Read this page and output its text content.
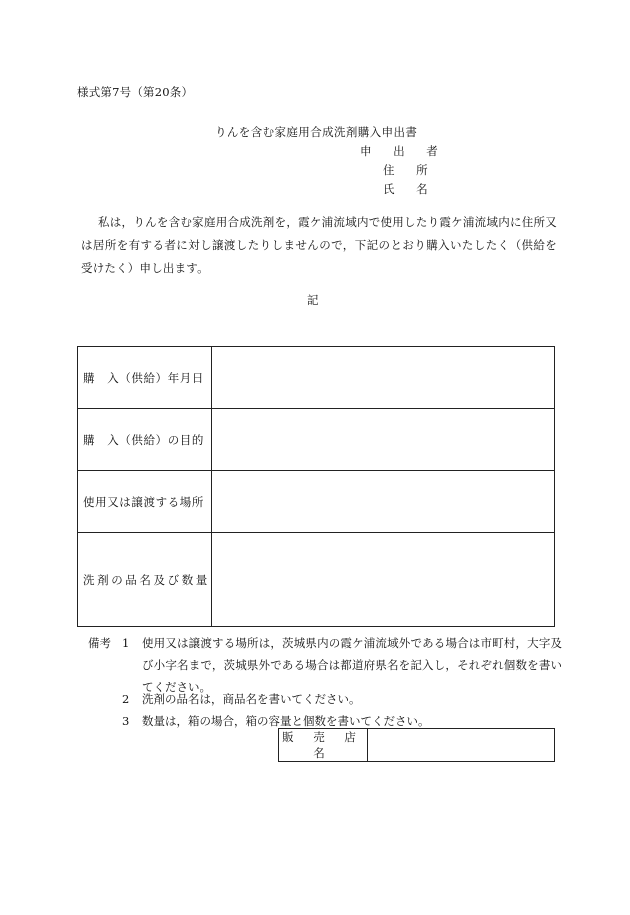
様式第7号（第20条）
りんを含む家庭用合成洗剤購入申出書
申 出 者
住 所
氏 名
私は，りんを含む家庭用合成洗剤を，霞ケ浦流域内で使用したり霞ケ浦流域内に住所又は居所を有する者に対し譲渡したりしませんので，下記のとおり購入いたしたく（供給を受けたく）申し出ます。
記
購　入（供給）年月日	
購　入（供給）の目的	
使用又は譲渡する場所	
洗剤の品名及び数量	
備考 1	使用又は譲渡する場所は，茨城県内の霞ケ浦流域外である場合は市町村，大字及び小字名まで，茨城県外である場合は都道府県名を記入し，それぞれ個数を書いてください。
2	洗剤の品名は，商品名を書いてください。
3	数量は，箱の場合，箱の容量と個数を書いてください。
販 売 店 名	
